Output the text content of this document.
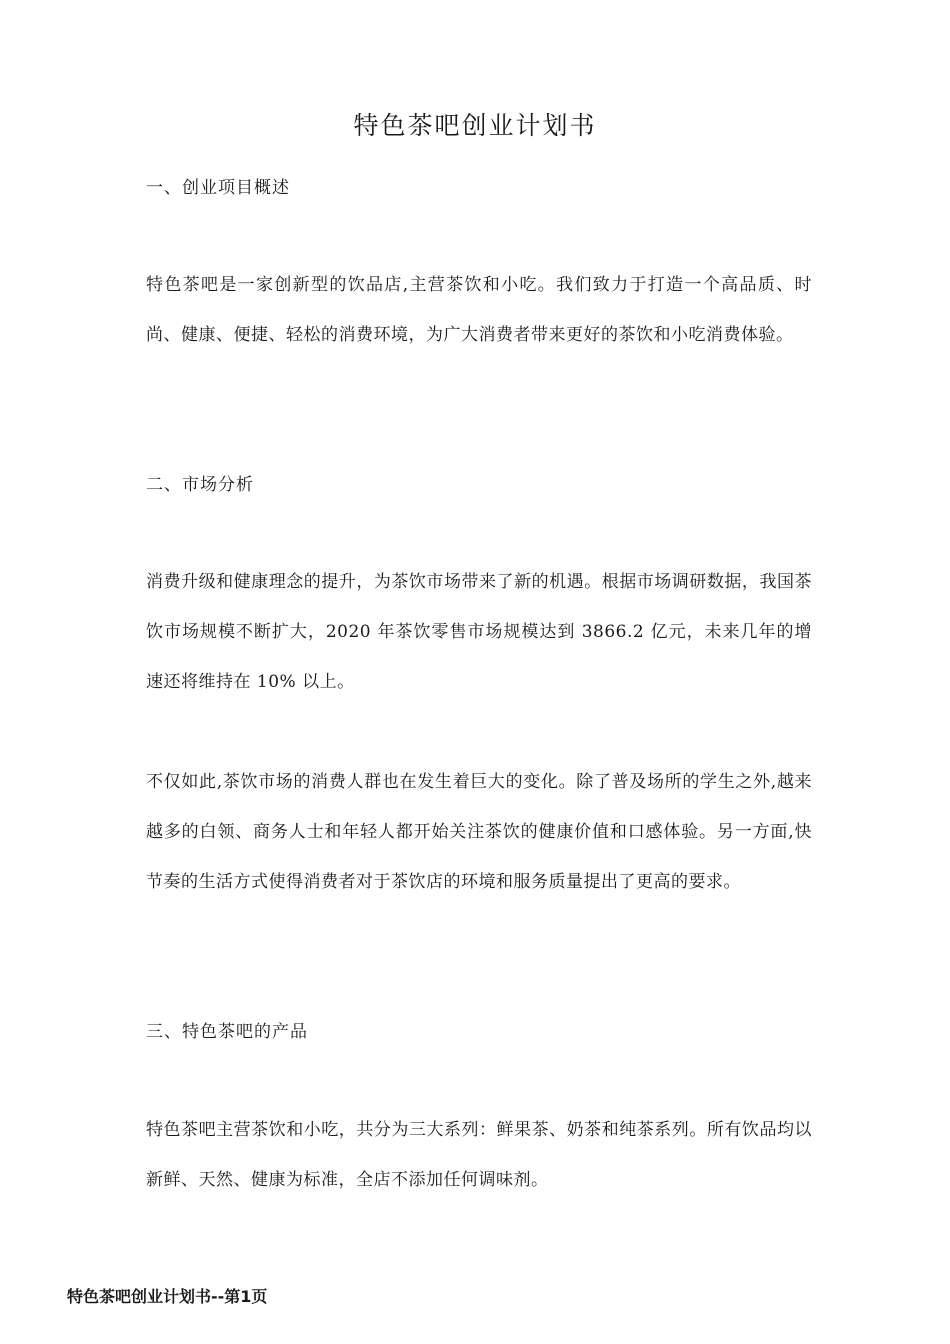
特色茶吧创业计划书
一、创业项目概述

特色茶吧是一家创新型的饮品店,主营茶饮和小吃。我们致力于打造一个高品质、时尚、健康、便捷、轻松的消费环境，为广大消费者带来更好的茶饮和小吃消费体验。

二、市场分析

消费升级和健康理念的提升，为茶饮市场带来了新的机遇。根据市场调研数据，我国茶饮市场规模不断扩大，2020 年茶饮零售市场规模达到 3866.2 亿元，未来几年的增速还将维持在 10% 以上。

不仅如此,茶饮市场的消费人群也在发生着巨大的变化。除了普及场所的学生之外,越来越多的白领、商务人士和年轻人都开始关注茶饮的健康价值和口感体验。另一方面,快节奏的生活方式使得消费者对于茶饮店的环境和服务质量提出了更高的要求。

三、特色茶吧的产品

特色茶吧主营茶饮和小吃，共分为三大系列：鲜果茶、奶茶和纯茶系列。所有饮品均以新鲜、天然、健康为标准，全店不添加任何调味剂。

特色茶吧创业计划书--第1页
